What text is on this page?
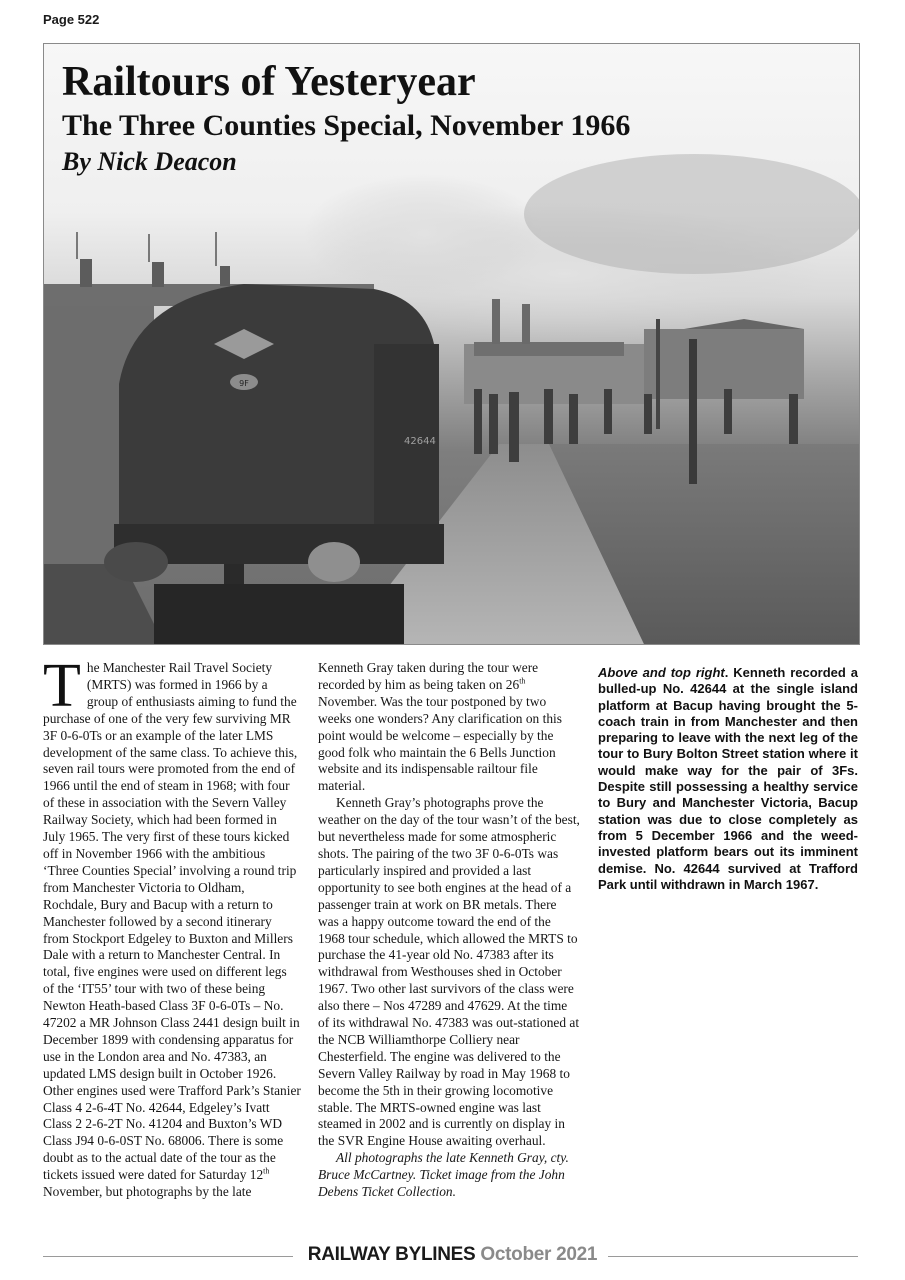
Page 522
9F
42644
Railtours of Yesteryear
The Three Counties Special, November 1966
By Nick Deacon

The Manchester Rail Travel Society (MRTS) was formed in 1966 by a group of enthusiasts aiming to fund the purchase of one of the very few surviving MR 3F 0-6-0Ts or an example of the later LMS development of the same class. To achieve this, seven rail tours were promoted from the end of 1966 until the end of steam in 1968; with four of these in association with the Severn Valley Railway Society, which had been formed in July 1965. The very first of these tours kicked off in November 1966 with the ambitious ‘Three Counties Special’ involving a round trip from Manchester Victoria to Oldham, Rochdale, Bury and Bacup with a return to Manchester followed by a second itinerary from Stockport Edgeley to Buxton and Millers Dale with a return to Manchester Central. In total, five engines were used on different legs of the ‘IT55’ tour with two of these being Newton Heath-based Class 3F 0-6-0Ts – No. 47202 a MR Johnson Class 2441 design built in December 1899 with condensing apparatus for use in the London area and No. 47383, an updated LMS design built in October 1926. Other engines used were Trafford Park’s Stanier Class 4 2-6-4T No. 42644, Edgeley’s Ivatt Class 2 2-6-2T No. 41204 and Buxton’s WD Class J94 0-6-0ST No. 68006. There is some doubt as to the actual date of the tour as the tickets issued were dated for Saturday 12th November, but photographs by the late

Kenneth Gray taken during the tour were recorded by him as being taken on 26th November. Was the tour postponed by two weeks one wonders? Any clarification on this point would be welcome – especially by the good folk who maintain the 6 Bells Junction website and its indispensable railtour file material.

Kenneth Gray’s photographs prove the weather on the day of the tour wasn’t of the best, but nevertheless made for some atmospheric shots. The pairing of the two 3F 0-6-0Ts was particularly inspired and provided a last opportunity to see both engines at the head of a passenger train at work on BR metals. There was a happy outcome toward the end of the 1968 tour schedule, which allowed the MRTS to purchase the 41-year old No. 47383 after its withdrawal from Westhouses shed in October 1967. Two other last survivors of the class were also there – Nos 47289 and 47629. At the time of its withdrawal No. 47383 was out-stationed at the NCB Williamthorpe Colliery near Chesterfield. The engine was delivered to the Severn Valley Railway by road in May 1968 to become the 5th in their growing locomotive stable. The MRTS-owned engine was last steamed in 2002 and is currently on display in the SVR Engine House awaiting overhaul.

All photographs the late Kenneth Gray, cty. Bruce McCartney. Ticket image from the John Debens Ticket Collection.

Above and top right. Kenneth recorded a bulled-up No. 42644 at the single island platform at Bacup having brought the 5-coach train in from Manchester and then preparing to leave with the next leg of the tour to Bury Bolton Street station where it would make way for the pair of 3Fs. Despite still possessing a healthy service to Bury and Manchester Victoria, Bacup station was due to close completely as from 5 December 1966 and the weed-invested platform bears out its imminent demise. No. 42644 survived at Trafford Park until withdrawn in March 1967.

RAILWAY BYLINES October 2021
